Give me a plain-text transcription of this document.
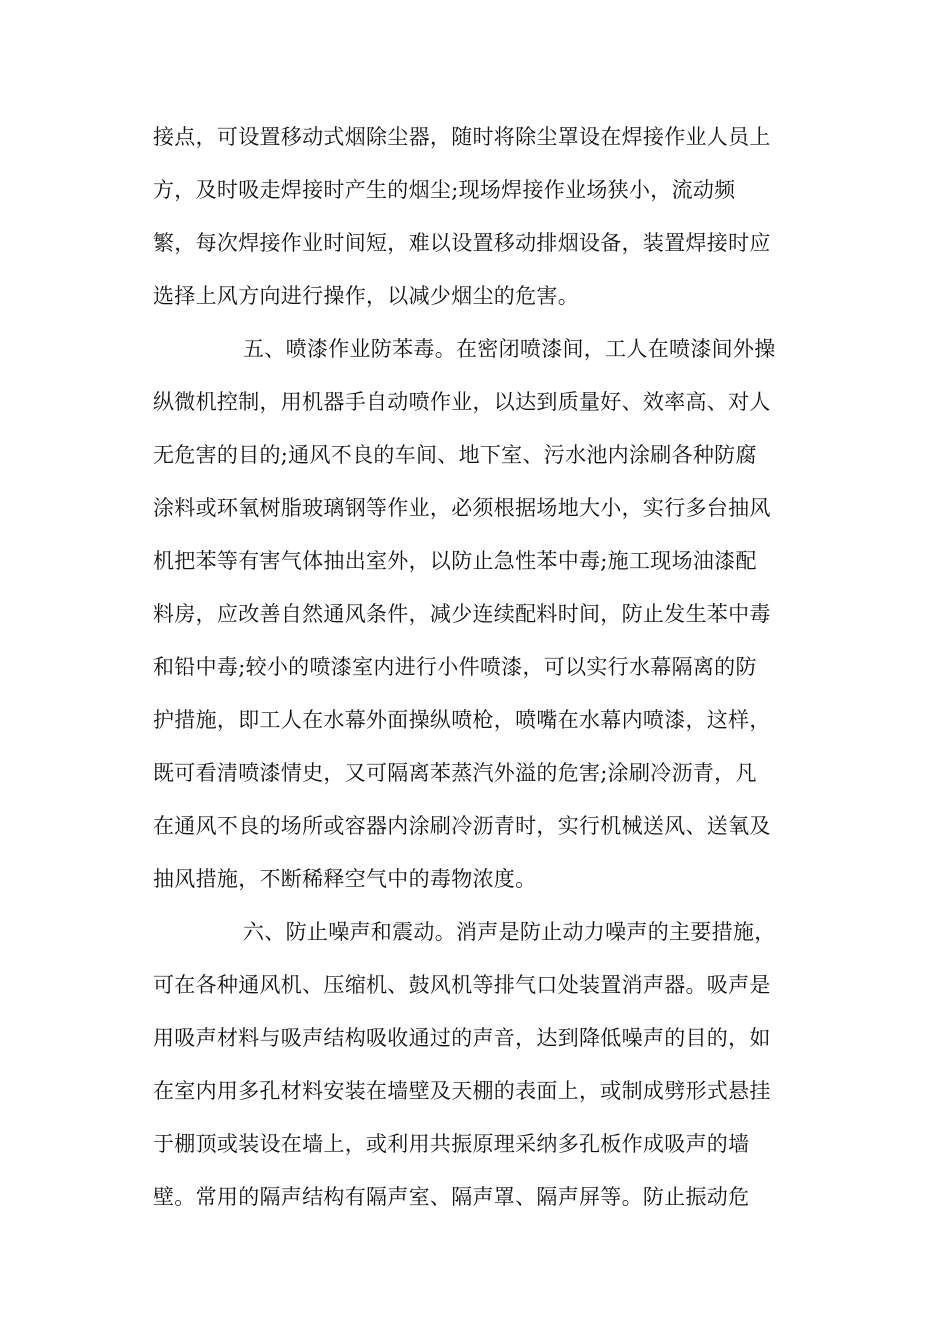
接点，可设置移动式烟除尘器，随时将除尘罩设在焊接作业人员上
方，及时吸走焊接时产生的烟尘;现场焊接作业场狭小，流动频
繁，每次焊接作业时间短，难以设置移动排烟设备，装置焊接时应
选择上风方向进行操作，以减少烟尘的危害。
五、喷漆作业防苯毒。在密闭喷漆间，工人在喷漆间外操
纵微机控制，用机器手自动喷作业，以达到质量好、效率高、对人
无危害的目的;通风不良的车间、地下室、污水池内涂刷各种防腐
涂料或环氧树脂玻璃钢等作业，必须根据场地大小，实行多台抽风
机把苯等有害气体抽出室外，以防止急性苯中毒;施工现场油漆配
料房，应改善自然通风条件，减少连续配料时间，防止发生苯中毒
和铅中毒;较小的喷漆室内进行小件喷漆，可以实行水幕隔离的防
护措施，即工人在水幕外面操纵喷枪，喷嘴在水幕内喷漆，这样，
既可看清喷漆情史，又可隔离苯蒸汽外溢的危害;涂刷冷沥青，凡
在通风不良的场所或容器内涂刷冷沥青时，实行机械送风、送氧及
抽风措施，不断稀释空气中的毒物浓度。
六、防止噪声和震动。消声是防止动力噪声的主要措施，
可在各种通风机、压缩机、鼓风机等排气口处装置消声器。吸声是
用吸声材料与吸声结构吸收通过的声音，达到降低噪声的目的，如
在室内用多孔材料安装在墙壁及天棚的表面上，或制成劈形式悬挂
于棚顶或装设在墙上，或利用共振原理采纳多孔板作成吸声的墙
壁。常用的隔声结构有隔声室、隔声罩、隔声屏等。防止振动危
